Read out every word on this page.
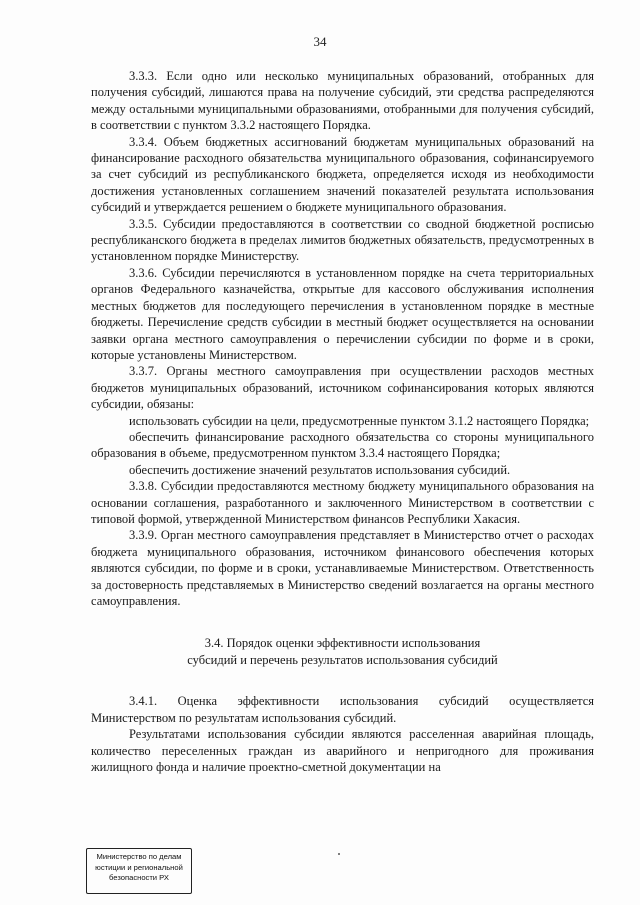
34

3.3.3. Если одно или несколько муниципальных образований, отобранных для получения субсидий, лишаются права на получение субсидий, эти средства распределяются между остальными муниципальными образованиями, отобранными для получения субсидий, в соответствии с пунктом 3.3.2 настоящего Порядка.

3.3.4. Объем бюджетных ассигнований бюджетам муниципальных образований на финансирование расходного обязательства муниципального образования, софинансируемого за счет субсидий из республиканского бюджета, определяется исходя из необходимости достижения установленных соглашением значений показателей результата использования субсидий и утверждается решением о бюджете муниципального образования.

3.3.5. Субсидии предоставляются в соответствии со сводной бюджетной росписью республиканского бюджета в пределах лимитов бюджетных обязательств, предусмотренных в установленном порядке Министерству.

3.3.6. Субсидии перечисляются в установленном порядке на счета территориальных органов Федерального казначейства, открытые для кассового обслуживания исполнения местных бюджетов для последующего перечисления в установленном порядке в местные бюджеты. Перечисление средств субсидии в местный бюджет осуществляется на основании заявки органа местного самоуправления о перечислении субсидии по форме и в сроки, которые установлены Министерством.

3.3.7. Органы местного самоуправления при осуществлении расходов местных бюджетов муниципальных образований, источником софинансирования которых являются субсидии, обязаны:

использовать субсидии на цели, предусмотренные пунктом 3.1.2 настоящего Порядка;

обеспечить финансирование расходного обязательства со стороны муниципального образования в объеме, предусмотренном пунктом 3.3.4 настоящего Порядка;

обеспечить достижение значений результатов использования субсидий.

3.3.8. Субсидии предоставляются местному бюджету муниципального образования на основании соглашения, разработанного и заключенного Министерством в соответствии с типовой формой, утвержденной Министерством финансов Республики Хакасия.

3.3.9. Орган местного самоуправления представляет в Министерство отчет о расходах бюджета муниципального образования, источником финансового обеспечения которых являются субсидии, по форме и в сроки, устанавливаемые Министерством. Ответственность за достоверность представляемых в Министерство сведений возлагается на органы местного самоуправления.

3.4. Порядок оценки эффективности использования
субсидий и перечень результатов использования субсидий

3.4.1. Оценка эффективности использования субсидий осуществляется Министерством по результатам использования субсидий.

Результатами использования субсидии являются расселенная аварийная площадь, количество переселенных граждан из аварийного и непригодного для проживания жилищного фонда и наличие проектно-сметной документации на

Министерство по делам
юстиции и региональной
безопасности РХ
